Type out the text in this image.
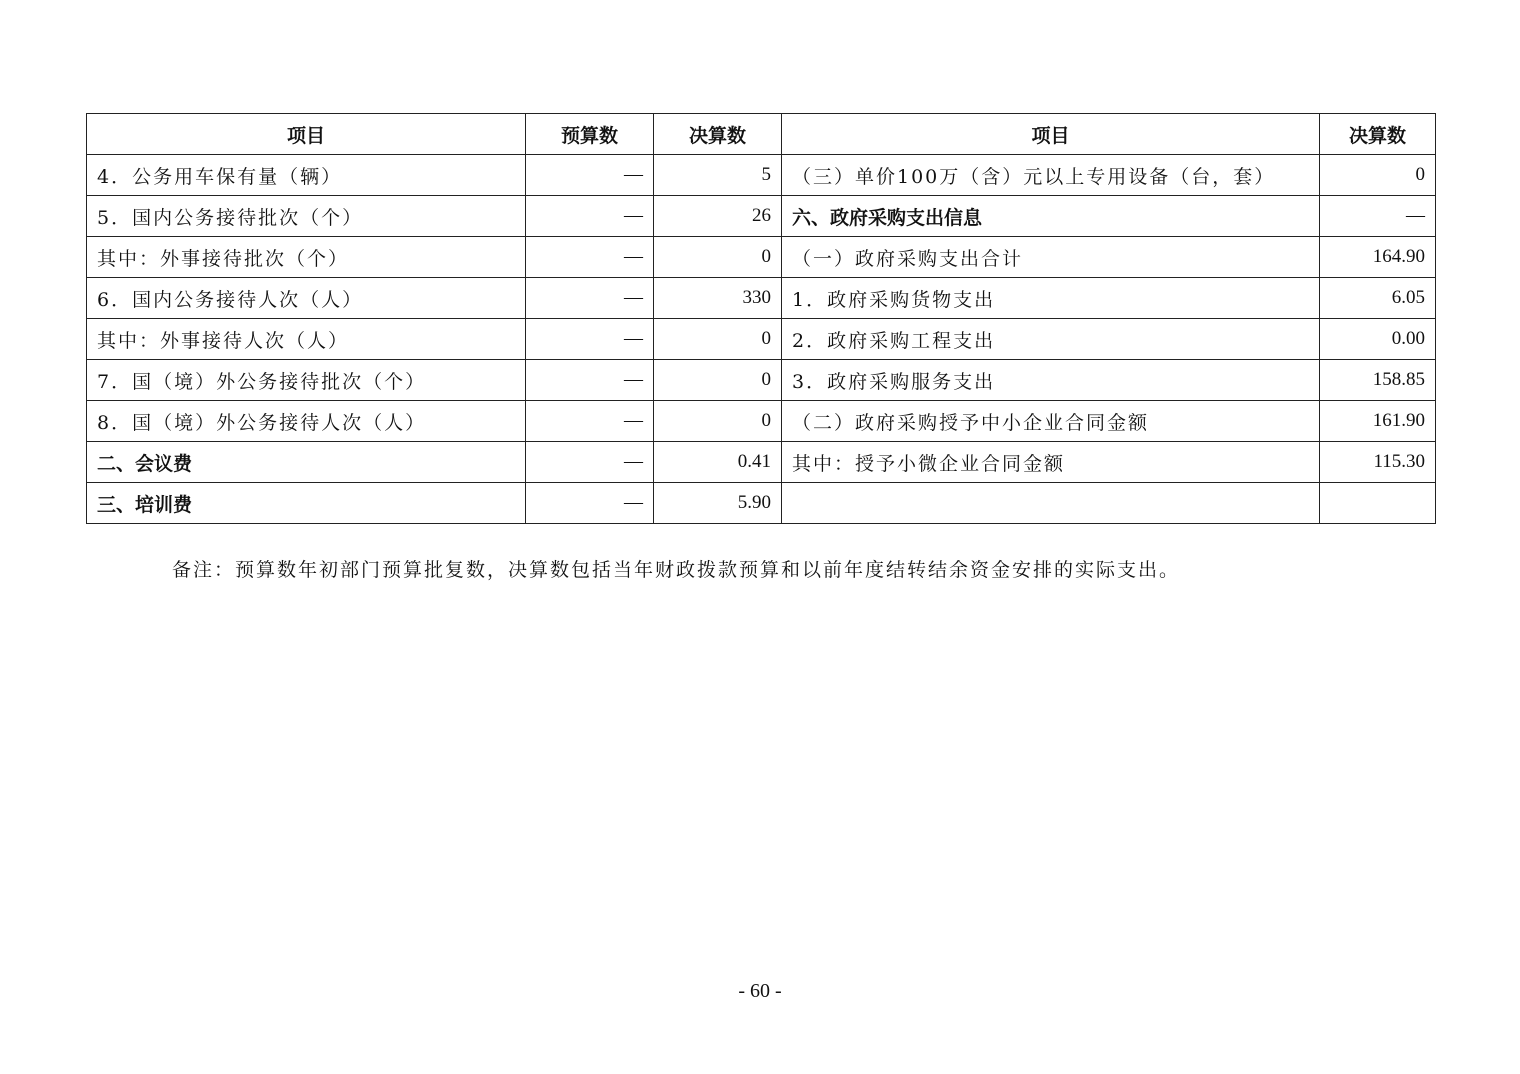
项目	预算数	决算数	项目	决算数
4．公务用车保有量（辆）	—	5	（三）单价100万（含）元以上专用设备（台，套）	0
5．国内公务接待批次（个）	—	26	六、政府采购支出信息	—
其中：外事接待批次（个）	—	0	（一）政府采购支出合计	164.90
6．国内公务接待人次（人）	—	330	1．政府采购货物支出	6.05
其中：外事接待人次（人）	—	0	2．政府采购工程支出	0.00
7．国（境）外公务接待批次（个）	—	0	3．政府采购服务支出	158.85
8．国（境）外公务接待人次（人）	—	0	（二）政府采购授予中小企业合同金额	161.90
二、会议费	—	0.41	其中：授予小微企业合同金额	115.30
三、培训费	—	5.90		
备注：预算数年初部门预算批复数，决算数包括当年财政拨款预算和以前年度结转结余资金安排的实际支出。
- 60 -
